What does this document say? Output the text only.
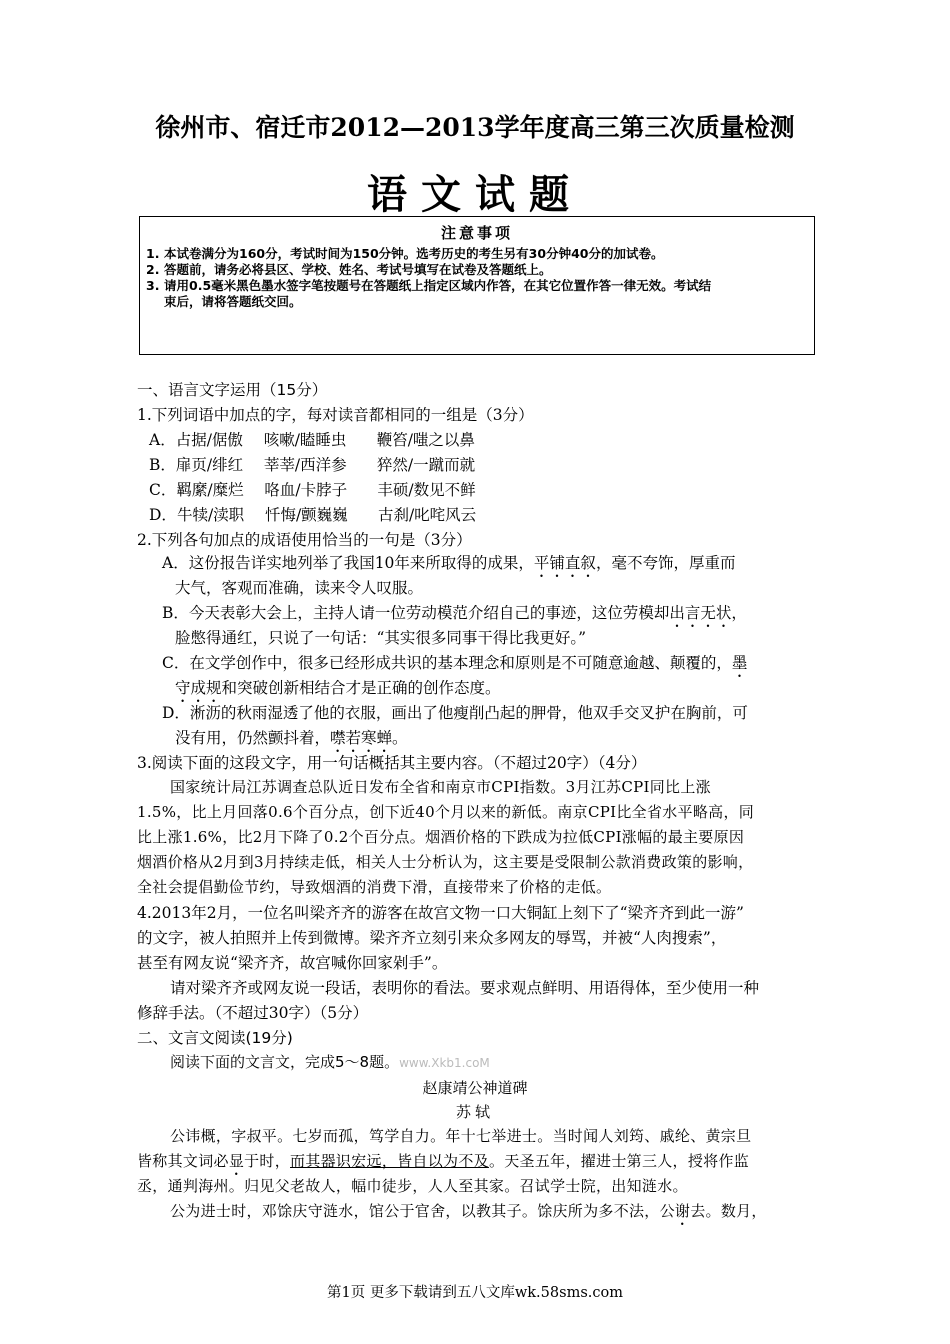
徐州市、宿迁市2012—2013学年度高三第三次质量检测
语文试题
注意事项
1. 本试卷满分为160分，考试时间为150分钟。选考历史的考生另有30分钟40分的加试卷。
2. 答题前，请务必将县区、学校、姓名、考试号填写在试卷及答题纸上。
3. 请用0.5毫米黑色墨水签字笔按题号在答题纸上指定区域内作答，在其它位置作答一律无效。考试结
束后，请将答题纸交回。
一、语言文字运用（15分）
1.下列词语中加点的字，每对读音都相同的一组是（3分）
A．占据/倨傲 咳嗽/瞌睡虫 鞭笞/嗤之以鼻
B．扉页/绯红 莘莘/西洋参 猝然/一蹴而就
C．羁縻/糜烂 咯血/卡脖子 丰硕/数见不鲜
D．牛犊/渎职 忏悔/颤巍巍 古刹/叱咤风云
2.下列各句加点的成语使用恰当的一句是（3分）
A．这份报告详实地列举了我国10年来所取得的成果，平铺直叙，毫不夸饰，厚重而
大气，客观而准确，读来令人叹服。
B．今天表彰大会上，主持人请一位劳动模范介绍自己的事迹，这位劳模却出言无状，
脸憋得通红，只说了一句话：“其实很多同事干得比我更好。”
C．在文学创作中，很多已经形成共识的基本理念和原则是不可随意逾越、颠覆的，墨
守成规和突破创新相结合才是正确的创作态度。
D．淅沥的秋雨湿透了他的衣服，画出了他瘦削凸起的胛骨，他双手交叉护在胸前，可
没有用，仍然颤抖着，噤若寒蝉。
3.阅读下面的这段文字，用一句话概括其主要内容。（不超过20字）（4分）
国家统计局江苏调查总队近日发布全省和南京市CPI指数。3月江苏CPI同比上涨
1.5%，比上月回落0.6个百分点，创下近40个月以来的新低。南京CPI比全省水平略高，同
比上涨1.6%，比2月下降了0.2个百分点。烟酒价格的下跌成为拉低CPI涨幅的最主要原因
烟酒价格从2月到3月持续走低，相关人士分析认为，这主要是受限制公款消费政策的影响，
全社会提倡勤俭节约，导致烟酒的消费下滑，直接带来了价格的走低。
4.2013年2月，一位名叫梁齐齐的游客在故宫文物一口大铜缸上刻下了“梁齐齐到此一游”
的文字，被人拍照并上传到微博。梁齐齐立刻引来众多网友的辱骂，并被“人肉搜索”，
甚至有网友说“梁齐齐，故宫喊你回家剁手”。
请对梁齐齐或网友说一段话，表明你的看法。要求观点鲜明、用语得体，至少使用一种
修辞手法。（不超过30字）（5分）
二、文言文阅读(19分)
阅读下面的文言文，完成5～8题。www.Xkb1.coM
赵康靖公神道碑
苏轼
公讳概，字叔平。七岁而孤，笃学自力。年十七举进士。当时闻人刘筠、戚纶、黄宗旦
皆称其文词必显于时，而其器识宏远，皆自以为不及。天圣五年，擢进士第三人，授将作监
丞，通判海州。归见父老故人，幅巾徒步，人人至其家。召试学士院，出知涟水。
公为进士时，邓馀庆守涟水，馆公于官舍，以教其子。馀庆所为多不法，公谢去。数月，
第1页 更多下载请到五八文库wk.58sms.com
